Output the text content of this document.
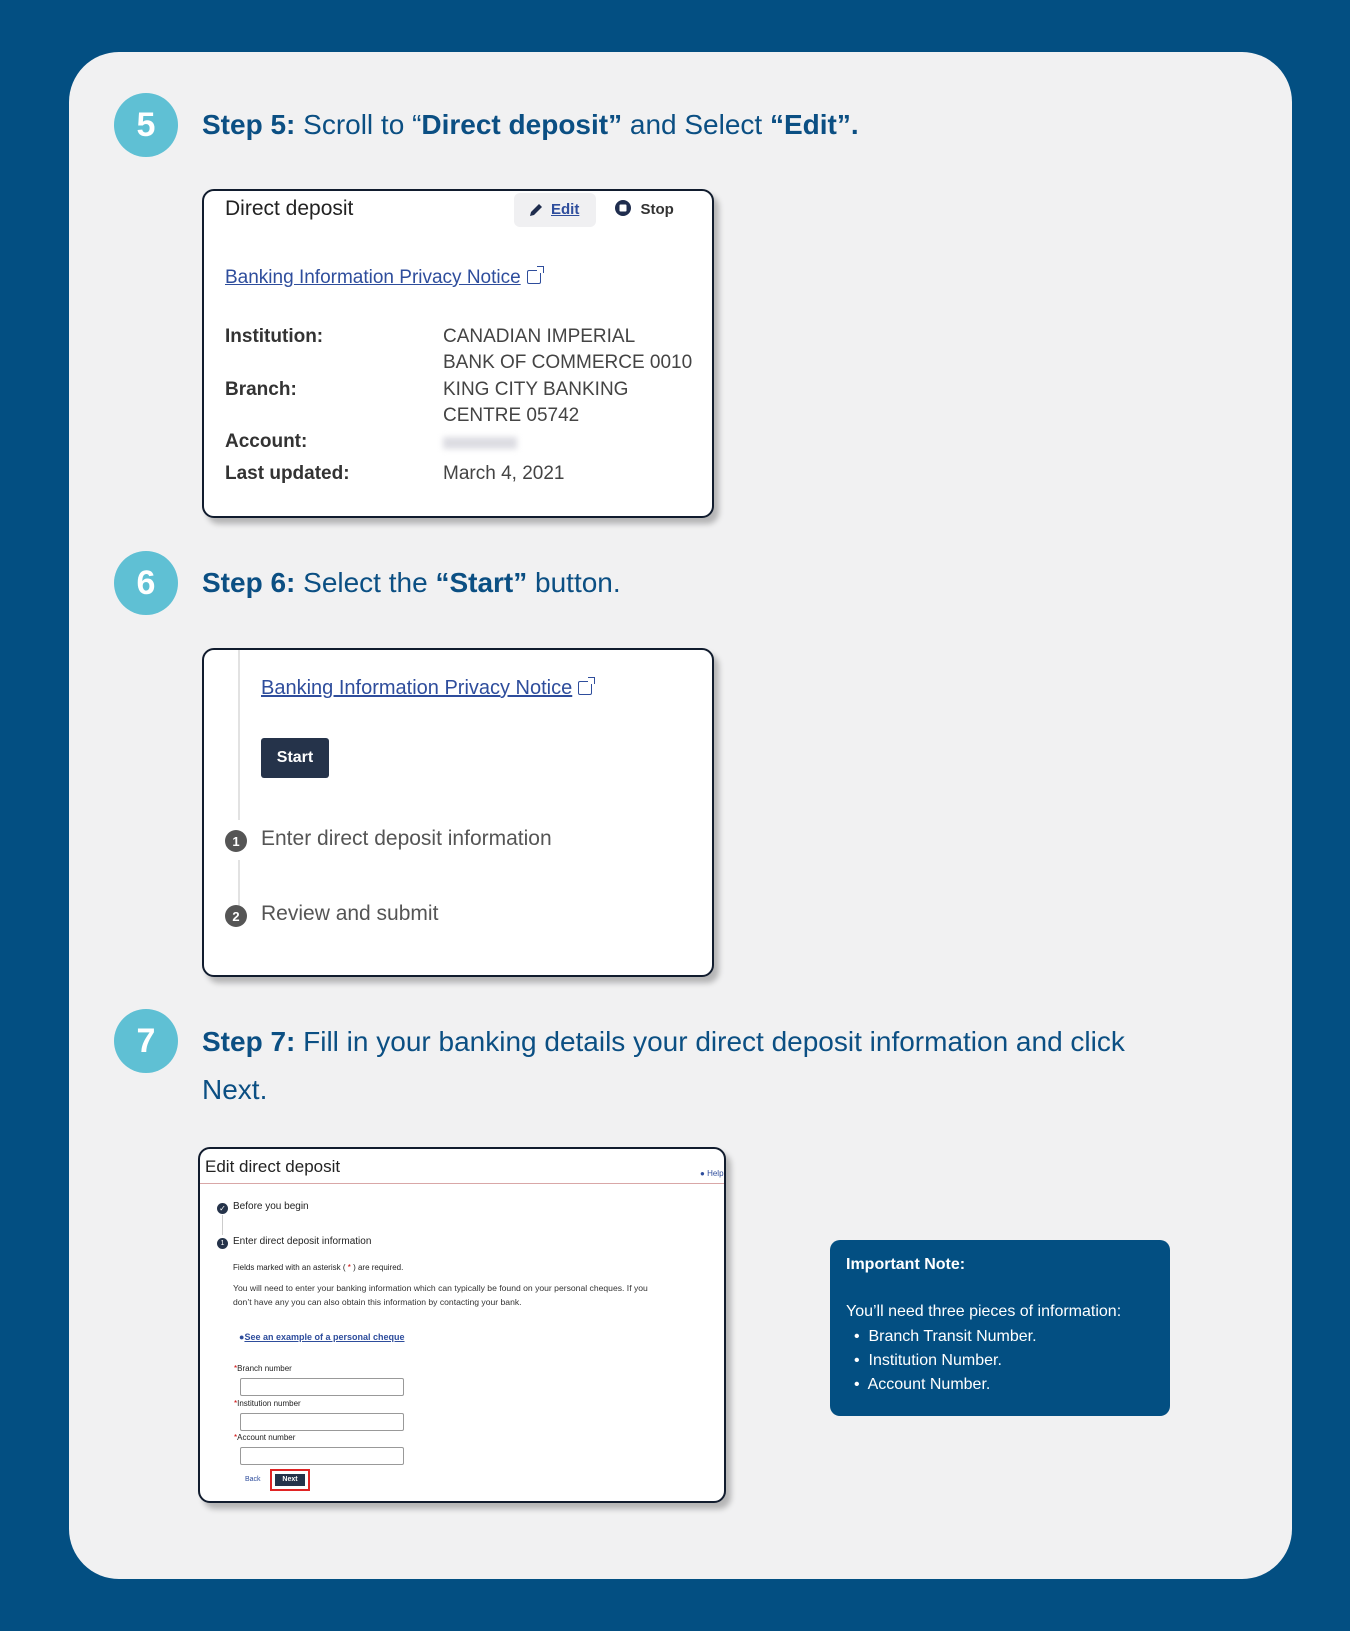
5 Step 5: Scroll to “Direct deposit” and Select “Edit”.
Direct deposit	Edit	Stop
Banking Information Privacy Notice
Institution:	CANADIAN IMPERIAL
BANK OF COMMERCE 0010
Branch:	KING CITY BANKING
CENTRE 05742
Account:
Last updated:	March 4, 2021
6 Step 6: Select the “Start” button.
Banking Information Privacy Notice
Start
1	Enter direct deposit information
2	Review and submit
7 Step 7: Fill in your banking details your direct deposit information and click
Next.
Edit direct deposit	● Help
✓ Before you begin
1 Enter direct deposit information
Fields marked with an asterisk ( * ) are required.
You will need to enter your banking information which can typically be found on your personal cheques. If you
don’t have any you can also obtain this information by contacting your bank.
●See an example of a personal cheque
*Branch number
*Institution number
*Account number
Back	Next
Important Note:
You’ll need three pieces of information:
•  Branch Transit Number.
•  Institution Number.
•  Account Number.
